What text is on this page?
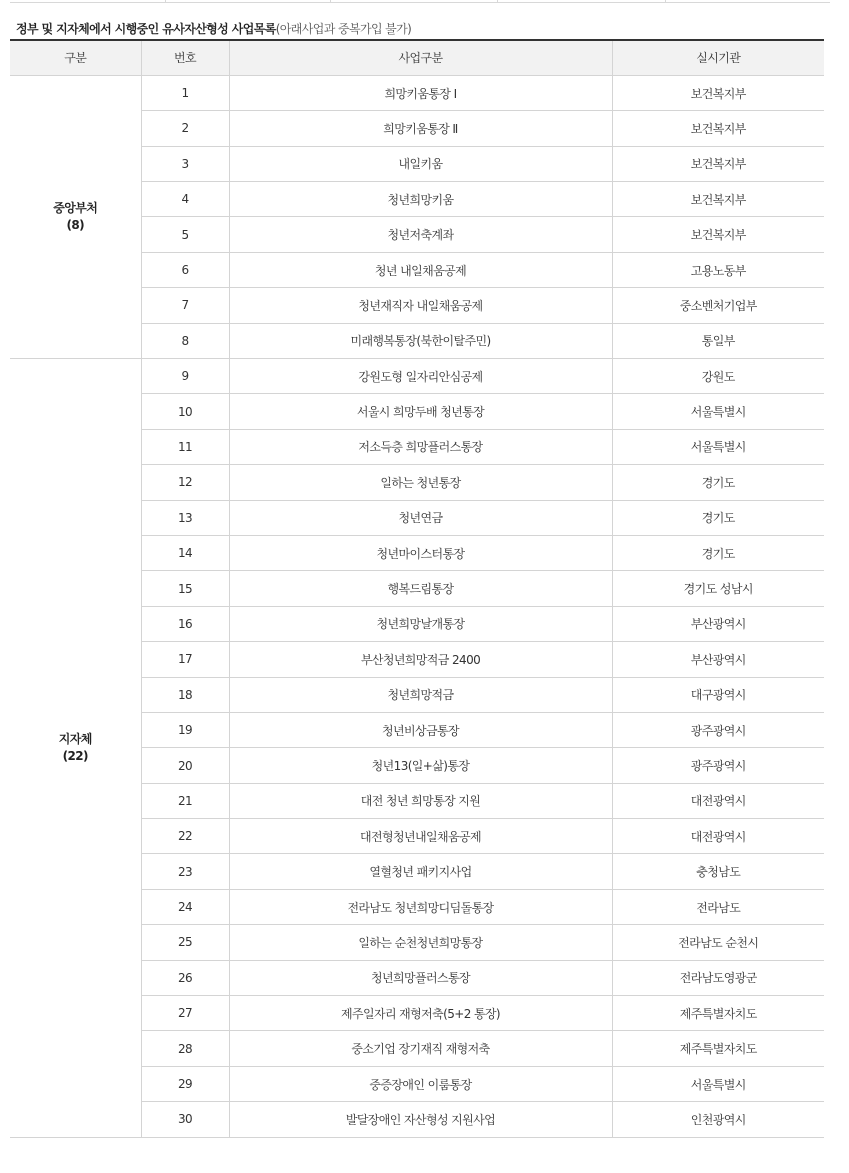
정부 및 지자체에서 시행중인 유사자산형성 사업목록(아래사업과 중복가입 불가)
구분	번호	사업구분	실시기관
중앙부처
(8)	1	희망키움통장 Ⅰ	보건복지부
	2	희망키움통장 Ⅱ	보건복지부
	3	내일키움	보건복지부
	4	청년희망키움	보건복지부
	5	청년저축계좌	보건복지부
	6	청년 내일채움공제	고용노동부
	7	청년재직자 내일채움공제	중소벤처기업부
	8	미래행복통장(북한이탈주민)	통일부
지자체
(22)	9	강원도형 일자리안심공제	강원도
	10	서울시 희망두배 청년통장	서울특별시
	11	저소득층 희망플러스통장	서울특별시
	12	일하는 청년통장	경기도
	13	청년연금	경기도
	14	청년마이스터통장	경기도
	15	행복드림통장	경기도 성남시
	16	청년희망날개통장	부산광역시
	17	부산청년희망적금 2400	부산광역시
	18	청년희망적금	대구광역시
	19	청년비상금통장	광주광역시
	20	청년13(일+삶)통장	광주광역시
	21	대전 청년 희망통장 지원	대전광역시
	22	대전형청년내일채움공제	대전광역시
	23	열혈청년 패키지사업	충청남도
	24	전라남도 청년희망디딤돌통장	전라남도
	25	일하는 순천청년희망통장	전라남도 순천시
	26	청년희망플러스통장	전라남도영광군
	27	제주일자리 재형저축(5+2 통장)	제주특별자치도
	28	중소기업 장기재직 재형저축	제주특별자치도
	29	중증장애인 이룸통장	서울특별시
	30	발달장애인 자산형성 지원사업	인천광역시
